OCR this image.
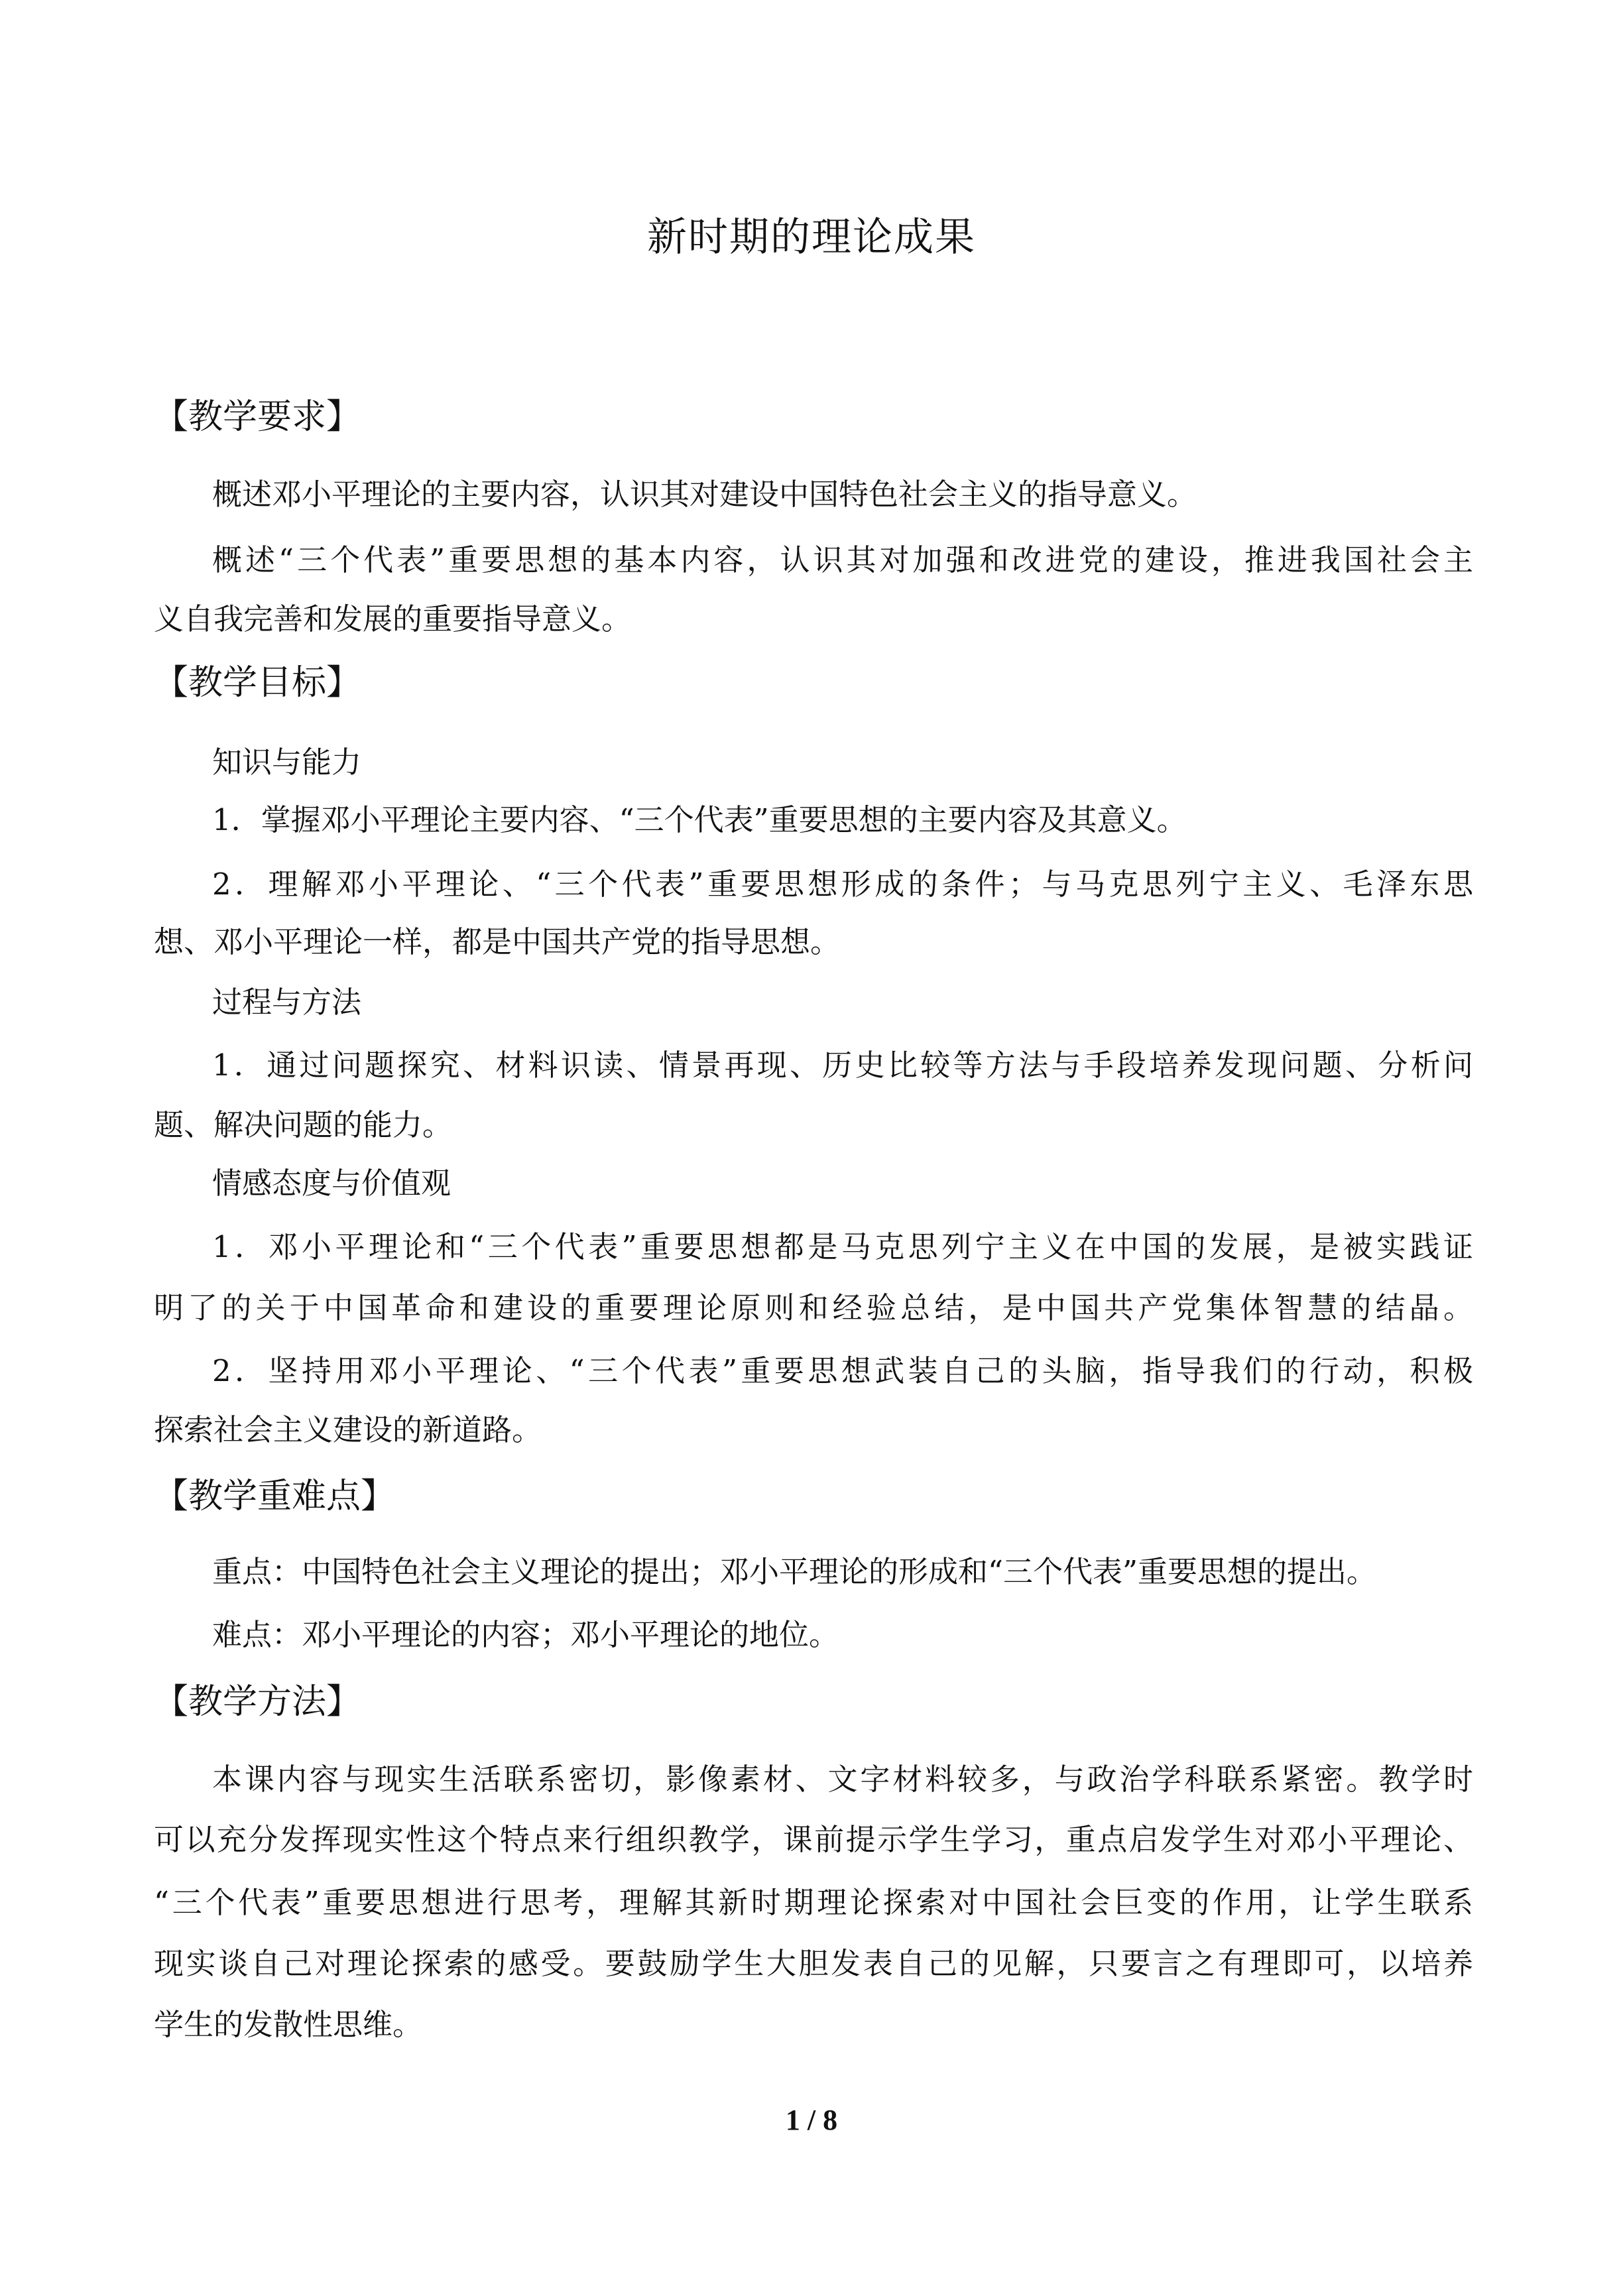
新时期的理论成果
【教学要求】
概述邓小平理论的主要内容，认识其对建设中国特色社会主义的指导意义。
概述“三个代表”重要思想的基本内容，认识其对加强和改进党的建设，推进我国社会主
义自我完善和发展的重要指导意义。
【教学目标】
知识与能力
1．掌握邓小平理论主要内容、“三个代表”重要思想的主要内容及其意义。
2．理解邓小平理论、“三个代表”重要思想形成的条件；与马克思列宁主义、毛泽东思
想、邓小平理论一样，都是中国共产党的指导思想。
过程与方法
1．通过问题探究、材料识读、情景再现、历史比较等方法与手段培养发现问题、分析问
题、解决问题的能力。
情感态度与价值观
1．邓小平理论和“三个代表”重要思想都是马克思列宁主义在中国的发展，是被实践证
明了的关于中国革命和建设的重要理论原则和经验总结，是中国共产党集体智慧的结晶。
2．坚持用邓小平理论、“三个代表”重要思想武装自己的头脑，指导我们的行动，积极
探索社会主义建设的新道路。
【教学重难点】
重点：中国特色社会主义理论的提出；邓小平理论的形成和“三个代表”重要思想的提出。
难点：邓小平理论的内容；邓小平理论的地位。
【教学方法】
本课内容与现实生活联系密切，影像素材、文字材料较多，与政治学科联系紧密。教学时
可以充分发挥现实性这个特点来行组织教学，课前提示学生学习，重点启发学生对邓小平理论、
“三个代表”重要思想进行思考，理解其新时期理论探索对中国社会巨变的作用，让学生联系
现实谈自己对理论探索的感受。要鼓励学生大胆发表自己的见解，只要言之有理即可，以培养
学生的发散性思维。
1 / 8
